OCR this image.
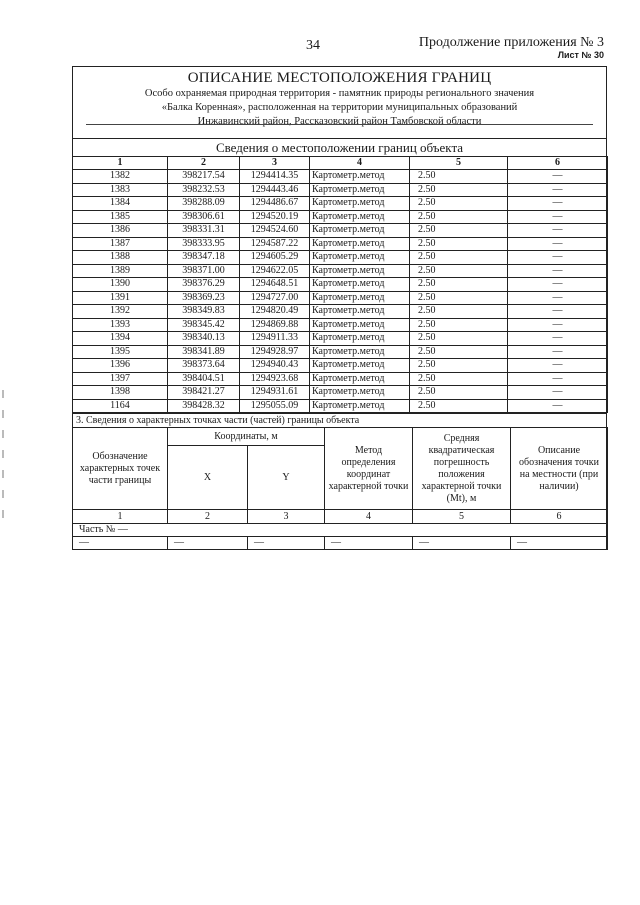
34	Продолжение приложения № 3
Лист № 30
ОПИСАНИЕ МЕСТОПОЛОЖЕНИЯ ГРАНИЦ
Особо охраняемая природная территория - памятник природы регионального значения
«Балка Коренная», расположенная на территории муниципальных образований
Инжавинский район, Рассказовский район Тамбовской области
Сведения о местоположении границ объекта
1	2	3	4	5	6
1382	398217.54	1294414.35	Картометр.метод	2.50	—
1383	398232.53	1294443.46	Картометр.метод	2.50	—
1384	398288.09	1294486.67	Картометр.метод	2.50	—
1385	398306.61	1294520.19	Картометр.метод	2.50	—
1386	398331.31	1294524.60	Картометр.метод	2.50	—
1387	398333.95	1294587.22	Картометр.метод	2.50	—
1388	398347.18	1294605.29	Картометр.метод	2.50	—
1389	398371.00	1294622.05	Картометр.метод	2.50	—
1390	398376.29	1294648.51	Картометр.метод	2.50	—
1391	398369.23	1294727.00	Картометр.метод	2.50	—
1392	398349.83	1294820.49	Картометр.метод	2.50	—
1393	398345.42	1294869.88	Картометр.метод	2.50	—
1394	398340.13	1294911.33	Картометр.метод	2.50	—
1395	398341.89	1294928.97	Картометр.метод	2.50	—
1396	398373.64	1294940.43	Картометр.метод	2.50	—
1397	398404.51	1294923.68	Картометр.метод	2.50	—
1398	398421.27	1294931.61	Картометр.метод	2.50	—
1164	398428.32	1295055.09	Картометр.метод	2.50	—
3. Сведения о характерных точках части (частей) границы объекта
Обозначение характерных точек части границы	Координаты, м		Метод определения координат характерной точки	Средняя квадратическая погрешность положения характерной точки (Mt), м	Описание обозначения точки на местности (при наличии)
	X	Y			
1	2	3	4	5	6
Часть № —					
—	—	—	—	—	—
